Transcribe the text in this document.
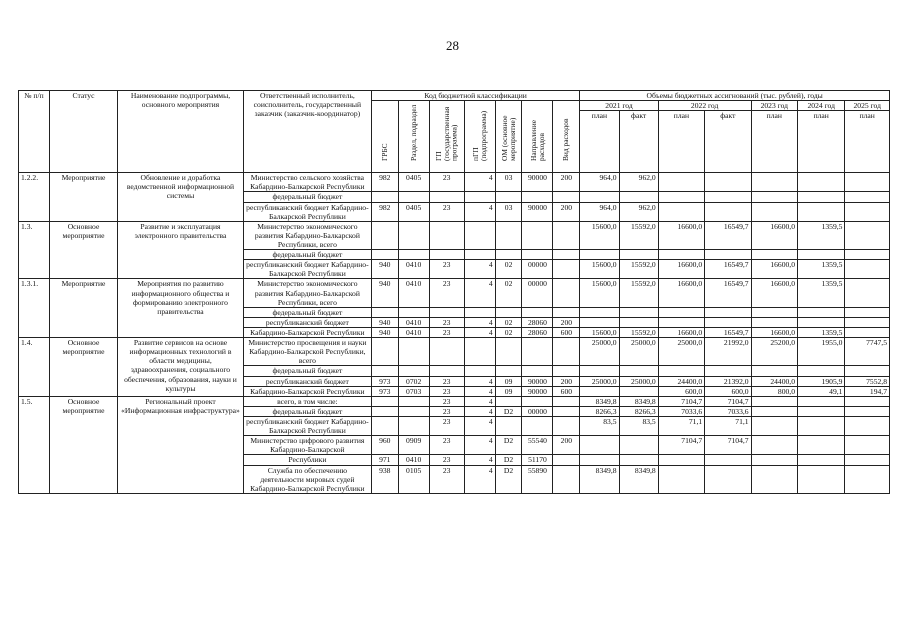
28
№ п/п	Статус	Наименование подпрограммы, основного мероприятия	Ответственный исполнитель, соисполнитель, государственный заказчик (заказчик-координатор)	Код бюджетной классификации							Объемы бюджетных ассигнований (тыс. рублей), годы						

				ГРБС	Раздел, подраздел	ГП (государственная программа)	пГП (подпрограмма)	ОМ (основное мероприятие)	Направление расходов	Вид расходов	2021 год		2022 год		2023 год	2024 год	2025 год
											план	факт	план	факт	план	план	план
1.2.2.	Мероприятие	Обновление и доработка ведомственной информационной системы	Министерство сельского хозяйства Кабардино-Балкарской Республики	982	0405	23	4	03	90000	200	964,0	962,0					
			федеральный бюджет														
			республиканский бюджет Кабардино-Балкарской Республики	982	0405	23	4	03	90000	200	964,0	962,0					
1.3.	Основное мероприятие	Развитие и эксплуатация электронного правительства	Министерство экономического развития Кабардино-Балкарской Республики, всего								15600,0	15592,0	16600,0	16549,7	16600,0	1359,5	
			федеральный бюджет														
			республиканский бюджет Кабардино-Балкарской Республики	940	0410	23	4	02	00000		15600,0	15592,0	16600,0	16549,7	16600,0	1359,5	
1.3.1.	Мероприятие	Мероприятия по развитию информационного общества и формированию электронного правительства	Министерство экономического развития Кабардино-Балкарской Республики, всего	940	0410	23	4	02	00000		15600,0	15592,0	16600,0	16549,7	16600,0	1359,5	
			федеральный бюджет														
			республиканский бюджет	940	0410	23	4	02	28060	200							
			Кабардино-Балкарской Республики	940	0410	23	4	02	28060	600	15600,0	15592,0	16600,0	16549,7	16600,0	1359,5	
1.4.	Основное мероприятие	Развитие сервисов на основе информационных технологий в области медицины, здравоохранения, социального обеспечения, образования, науки и культуры	Министерство просвещения и науки Кабардино-Балкарской Республики, всего								25000,0	25000,0	25000,0	21992,0	25200,0	1955,0	7747,5
			федеральный бюджет														
			республиканский бюджет	973	0702	23	4	09	90000	200	25000,0	25000,0	24400,0	21392,0	24400,0	1905,9	7552,8
			Кабардино-Балкарской Республики	973	0703	23	4	09	90000	600			600,0	600,0	800,0	49,1	194,7
1.5.	Основное мероприятие	Региональный проект «Информационная инфраструктура»	всего, в том числе:			23	4				8349,8	8349,8	7104,7	7104,7			
			федеральный бюджет			23	4	D2	00000		8266,3	8266,3	7033,6	7033,6			
			республиканский бюджет Кабардино-Балкарской Республики			23	4				83,5	83,5	71,1	71,1			
			Министерство цифрового развития Кабардино-Балкарской	960	0909	23	4	D2	55540	200			7104,7	7104,7			
			Республики	971	0410	23	4	D2	51170								
			Служба по обеспечению деятельности мировых судей Кабардино-Балкарской Республики	938	0105	23	4	D2	55890		8349,8	8349,8					
